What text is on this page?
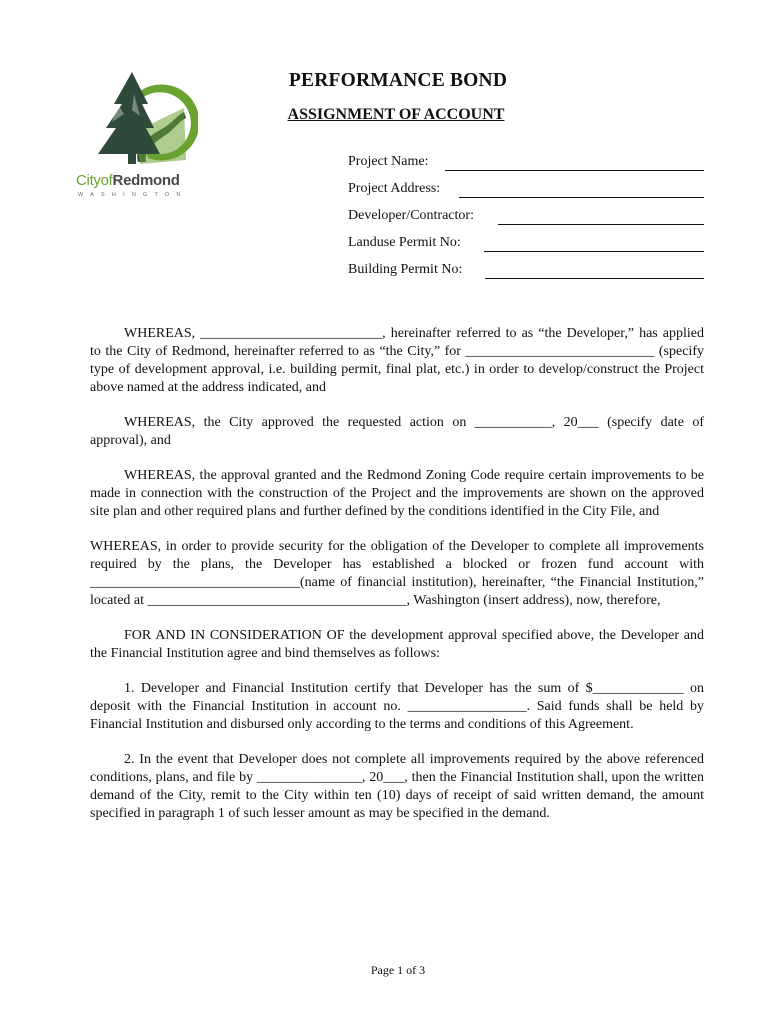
CityofRedmond
WASHINGTON
PERFORMANCE BOND
ASSIGNMENT OF ACCOUNT
Project Name:
Project Address:
Developer/Contractor:
Landuse Permit No:
Building Permit No:

WHEREAS, __________________________, hereinafter referred to as “the Developer,” has applied to the City of Redmond, hereinafter referred to as “the City,” for ___________________________ (specify type of development approval, i.e. building permit, final plat, etc.) in order to develop/construct the Project above named at the address indicated, and

WHEREAS, the City approved the requested action on ___________, 20___ (specify date of approval), and

WHEREAS, the approval granted and the Redmond Zoning Code require certain improvements to be made in connection with the construction of the Project and the improvements are shown on the approved site plan and other required plans and further defined by the conditions identified in the City File, and

WHEREAS, in order to provide security for the obligation of the Developer to complete all improvements required by the plans, the Developer has established a blocked or frozen fund account with ______________________________(name of financial institution), hereinafter, “the Financial Institution,” located at _____________________________________, Washington (insert address), now, therefore,

FOR AND IN CONSIDERATION OF the development approval specified above, the Developer and the Financial Institution agree and bind themselves as follows:

1. Developer and Financial Institution certify that Developer has the sum of $_____________ on deposit with the Financial Institution in account no. _________________. Said funds shall be held by Financial Institution and disbursed only according to the terms and conditions of this Agreement.

2. In the event that Developer does not complete all improvements required by the above referenced conditions, plans, and file by _______________, 20___, then the Financial Institution shall, upon the written demand of the City, remit to the City within ten (10) days of receipt of said written demand, the amount specified in paragraph 1 of such lesser amount as may be specified in the demand.

Page 1 of 3
